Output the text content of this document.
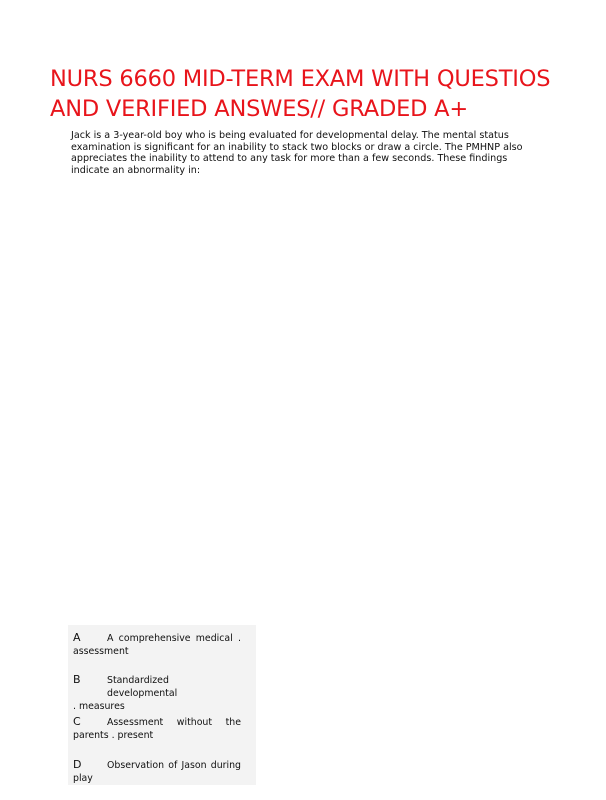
NURS 6660 MID-TERM EXAM WITH QUESTIOS
AND VERIFIED ANSWES// GRADED A+

Jack is a 3-year-old boy who is being evaluated for developmental delay. The mental status examination is significant for an inability to stack two blocks or draw a circle. The PMHNP also appreciates the inability to attend to any task for more than a few seconds. These findings indicate an abnormality in:

A	A comprehensive medical .
assessment
B	Standardized developmental
. measures
C	Assessment without the
parents . present
D	Observation of Jason during
play
